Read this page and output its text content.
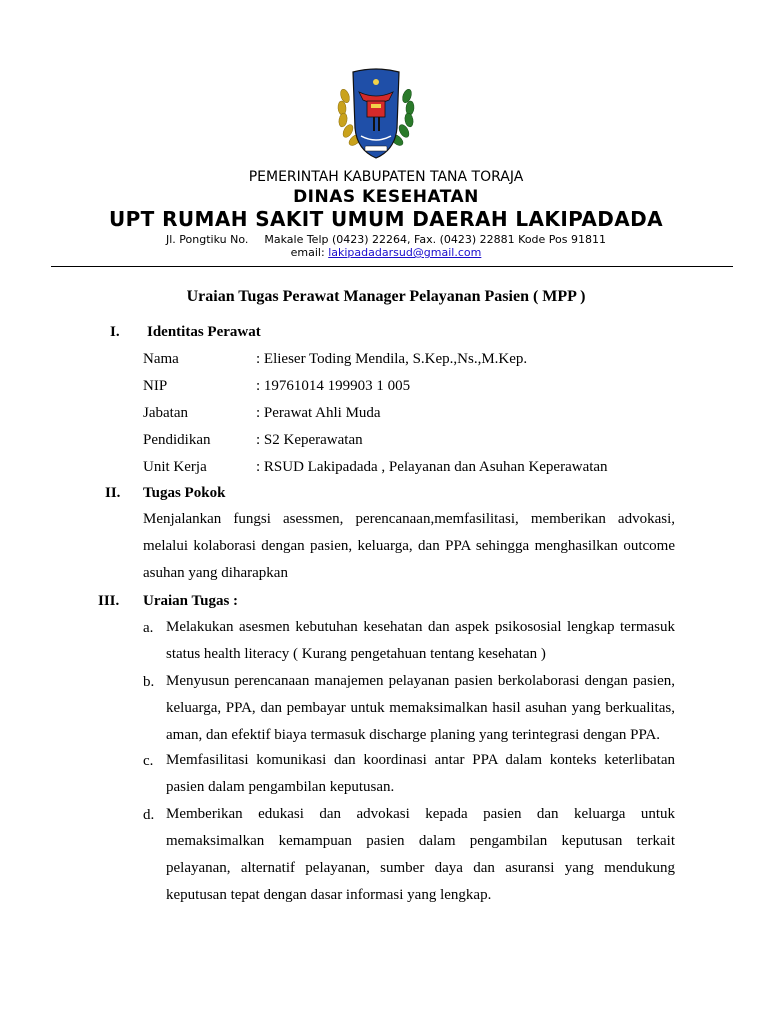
PEMERINTAH KABUPATEN TANA TORAJA
DINAS KESEHATAN
UPT RUMAH SAKIT UMUM DAERAH LAKIPADADA
Jl. Pongtiku No. Makale Telp (0423) 22264, Fax. (0423) 22881 Kode Pos 91811
email: lakipadadarsud@gmail.com
Uraian Tugas Perawat Manager Pelayanan Pasien ( MPP )
I. Identitas Perawat
Nama	: Elieser Toding Mendila, S.Kep.,Ns.,M.Kep.
NIP	: 19761014 199903 1 005
Jabatan	: Perawat Ahli Muda
Pendidikan	: S2 Keperawatan
Unit Kerja	: RSUD Lakipadada , Pelayanan dan Asuhan Keperawatan
II. Tugas Pokok
Menjalankan fungsi asessmen, perencanaan,memfasilitasi, memberikan advokasi,
melalui kolaborasi dengan pasien, keluarga, dan PPA sehingga menghasilkan outcome
asuhan yang diharapkan
III. Uraian Tugas :
a. Melakukan asesmen kebutuhan kesehatan dan aspek psikososial lengkap termasuk
status health literacy ( Kurang pengetahuan tentang kesehatan )
b. Menyusun perencanaan manajemen pelayanan pasien berkolaborasi dengan pasien,
keluarga, PPA, dan pembayar untuk memaksimalkan hasil asuhan yang berkualitas,
aman, dan efektif biaya termasuk discharge planing yang terintegrasi dengan PPA.
c. Memfasilitasi komunikasi dan koordinasi antar PPA dalam konteks keterlibatan
pasien dalam pengambilan keputusan.
d. Memberikan edukasi dan advokasi kepada pasien dan keluarga untuk
memaksimalkan kemampuan pasien dalam pengambilan keputusan terkait
pelayanan, alternatif pelayanan, sumber daya dan asuransi yang mendukung
keputusan tepat dengan dasar informasi yang lengkap.
